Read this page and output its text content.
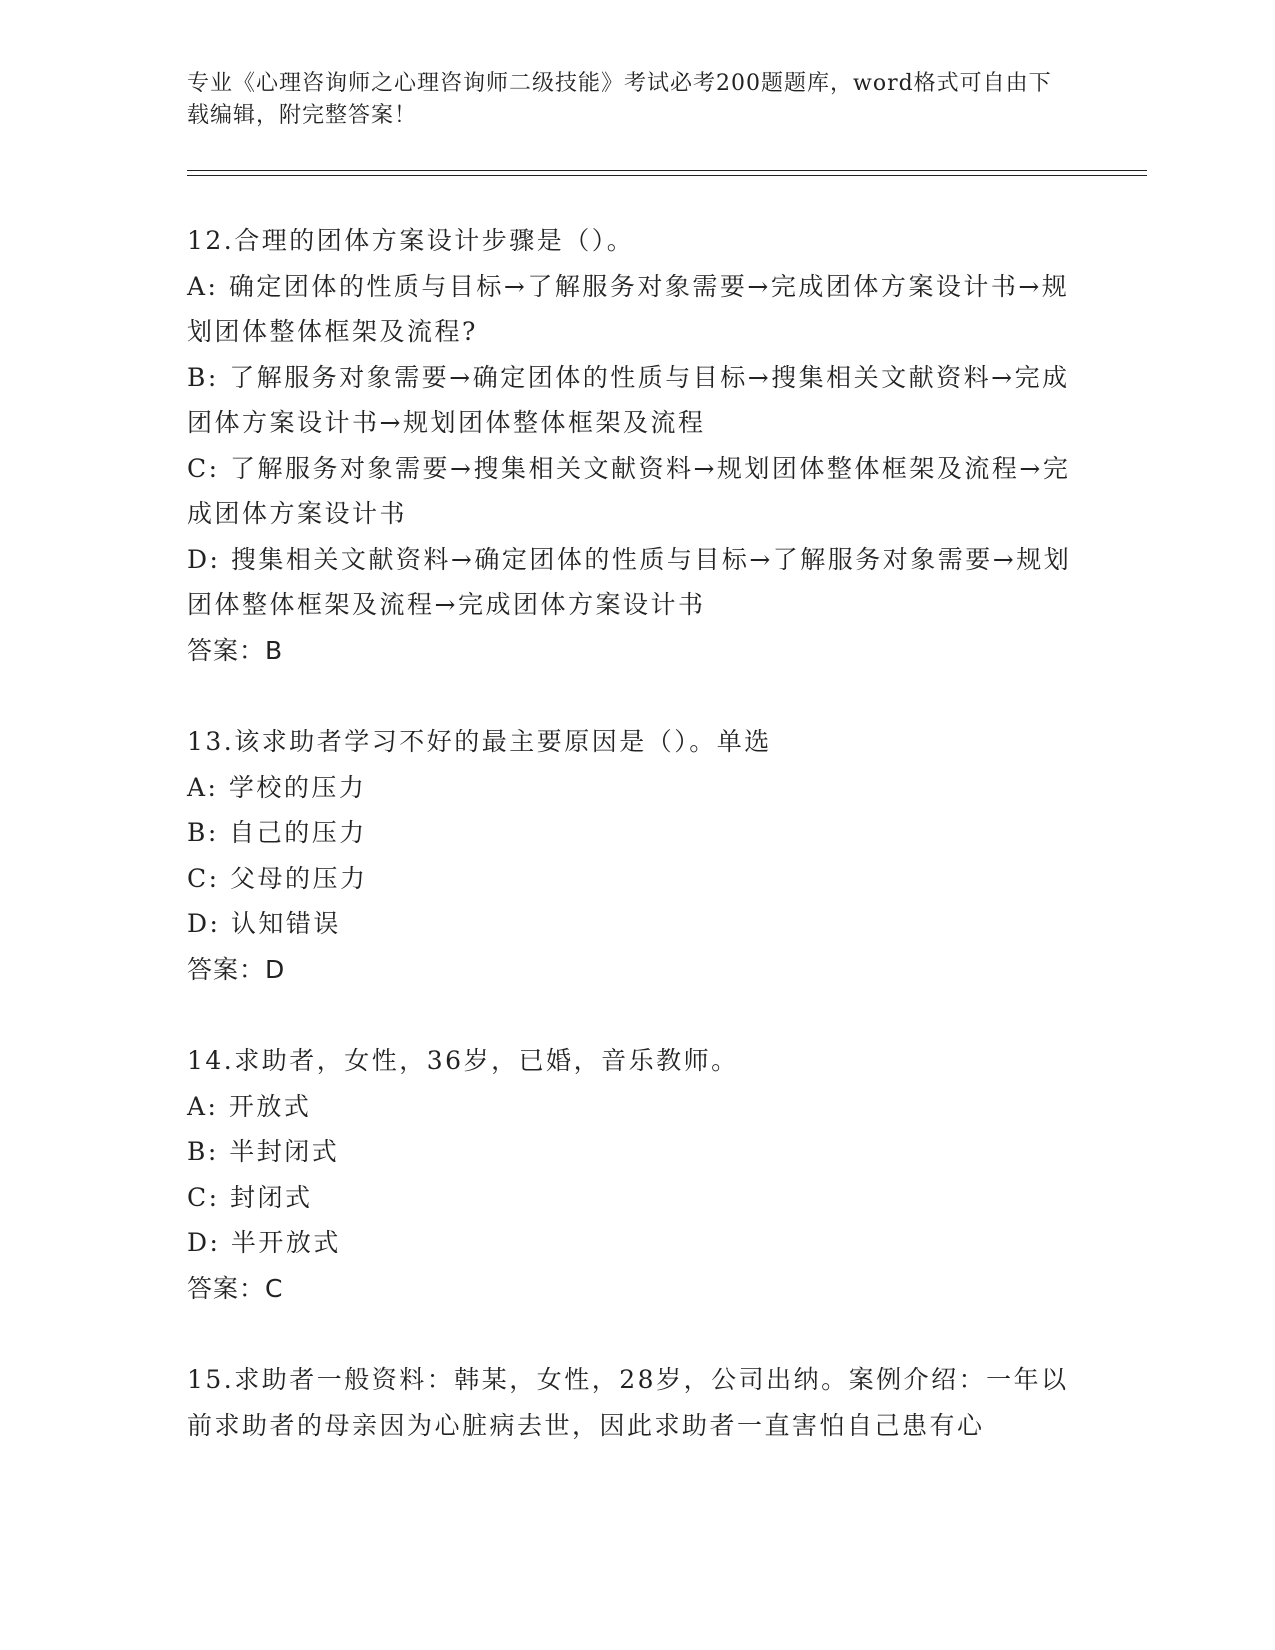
专业《心理咨询师之心理咨询师二级技能》考试必考200题题库，word格式可自由下载编辑，附完整答案！

12.合理的团体方案设计步骤是（）。

A: 确定团体的性质与目标→了解服务对象需要→完成团体方案设计书→规划团体整体框架及流程?

B: 了解服务对象需要→确定团体的性质与目标→搜集相关文献资料→完成团体方案设计书→规划团体整体框架及流程

C: 了解服务对象需要→搜集相关文献资料→规划团体整体框架及流程→完成团体方案设计书

D: 搜集相关文献资料→确定团体的性质与目标→了解服务对象需要→规划团体整体框架及流程→完成团体方案设计书

答案：B

13.该求助者学习不好的最主要原因是（）。单选

A: 学校的压力

B: 自己的压力

C: 父母的压力

D: 认知错误

答案：D

14.求助者，女性，36岁，已婚，音乐教师。

A: 开放式

B: 半封闭式

C: 封闭式

D: 半开放式

答案：C

15.求助者一般资料：韩某，女性，28岁，公司出纳。案例介绍：一年以前求助者的母亲因为心脏病去世，因此求助者一直害怕自己患有心
